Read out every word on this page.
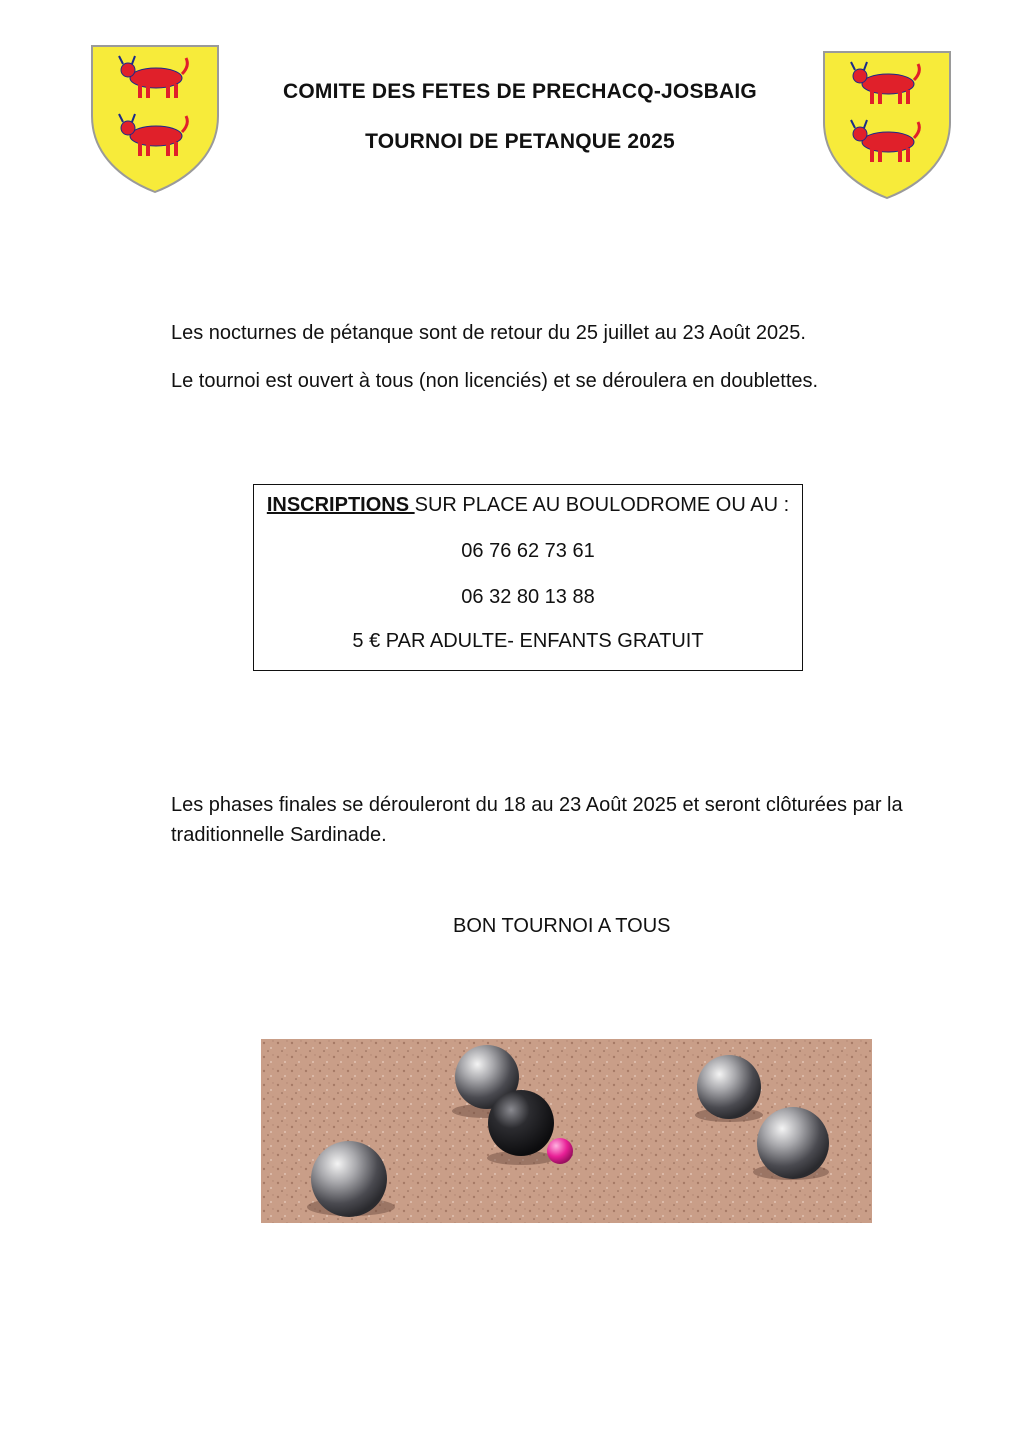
COMITE DES FETES DE PRECHACQ-JOSBAIG
TOURNOI DE PETANQUE 2025
Les nocturnes de pétanque sont de retour du 25 juillet au 23 Août 2025.
Le tournoi est ouvert à tous (non licenciés) et se déroulera en doublettes.
INSCRIPTIONS SUR PLACE AU BOULODROME OU AU :
06 76 62 73 61
06 32 80 13 88
5 € PAR ADULTE- ENFANTS GRATUIT
Les phases finales se dérouleront du 18 au 23 Août 2025 et seront clôturées par la traditionnelle Sardinade.
BON TOURNOI A TOUS
